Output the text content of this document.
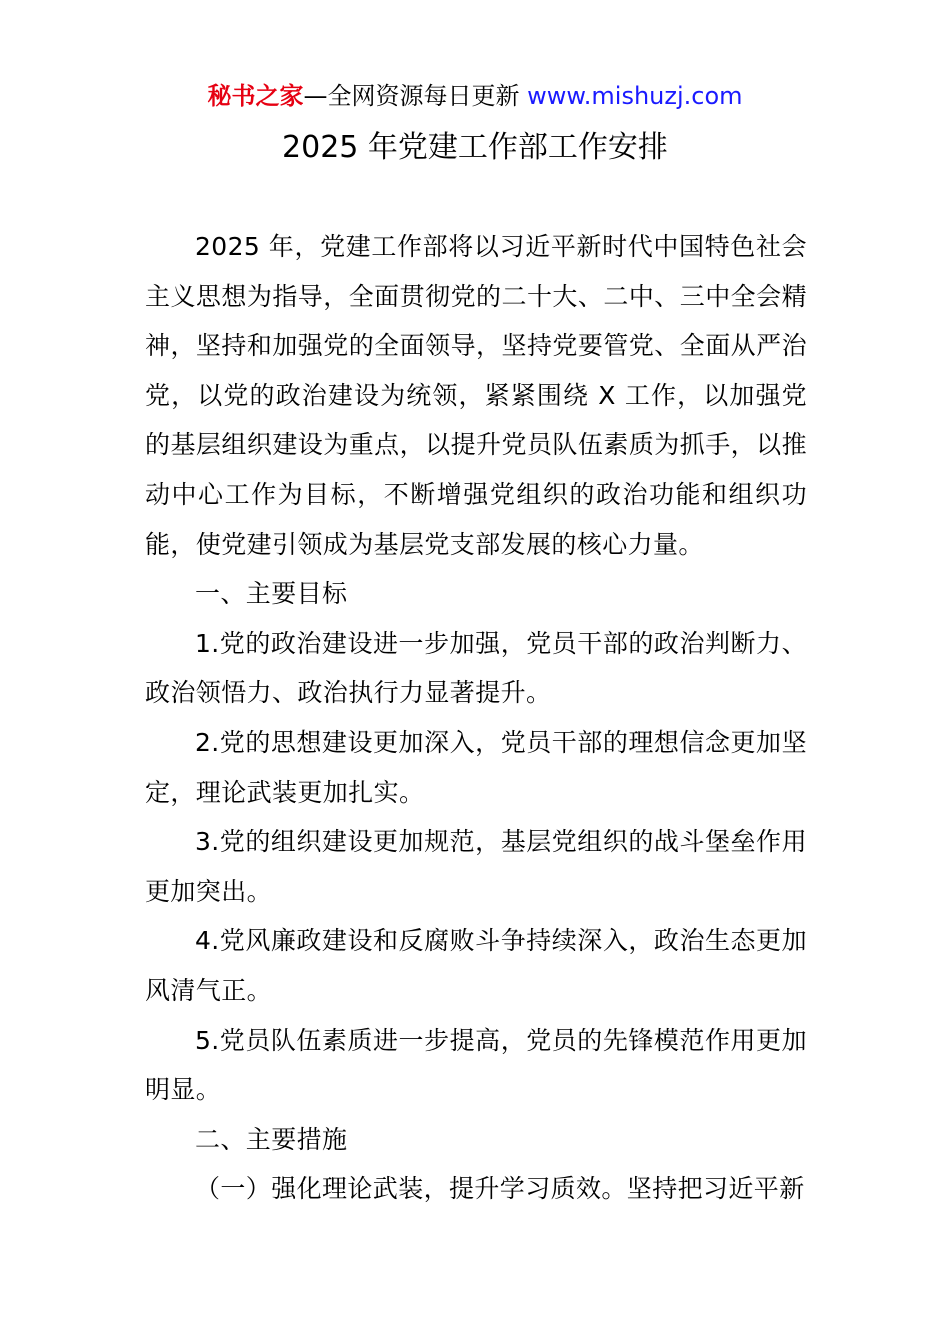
秘书之家—全网资源每日更新 www.mishuzj.com
2025 年党建工作部工作安排

2025 年，党建工作部将以习近平新时代中国特色社会主义思想为指导，全面贯彻党的二十大、二中、三中全会精神，坚持和加强党的全面领导，坚持党要管党、全面从严治党，以党的政治建设为统领，紧紧围绕 X 工作，以加强党的基层组织建设为重点，以提升党员队伍素质为抓手，以推动中心工作为目标，不断增强党组织的政治功能和组织功能，使党建引领成为基层党支部发展的核心力量。

一、主要目标

1.党的政治建设进一步加强，党员干部的政治判断力、政治领悟力、政治执行力显著提升。

2.党的思想建设更加深入，党员干部的理想信念更加坚定，理论武装更加扎实。

3.党的组织建设更加规范，基层党组织的战斗堡垒作用更加突出。

4.党风廉政建设和反腐败斗争持续深入，政治生态更加风清气正。

5.党员队伍素质进一步提高，党员的先锋模范作用更加明显。

二、主要措施

（一）强化理论武装，提升学习质效。坚持把习近平新
